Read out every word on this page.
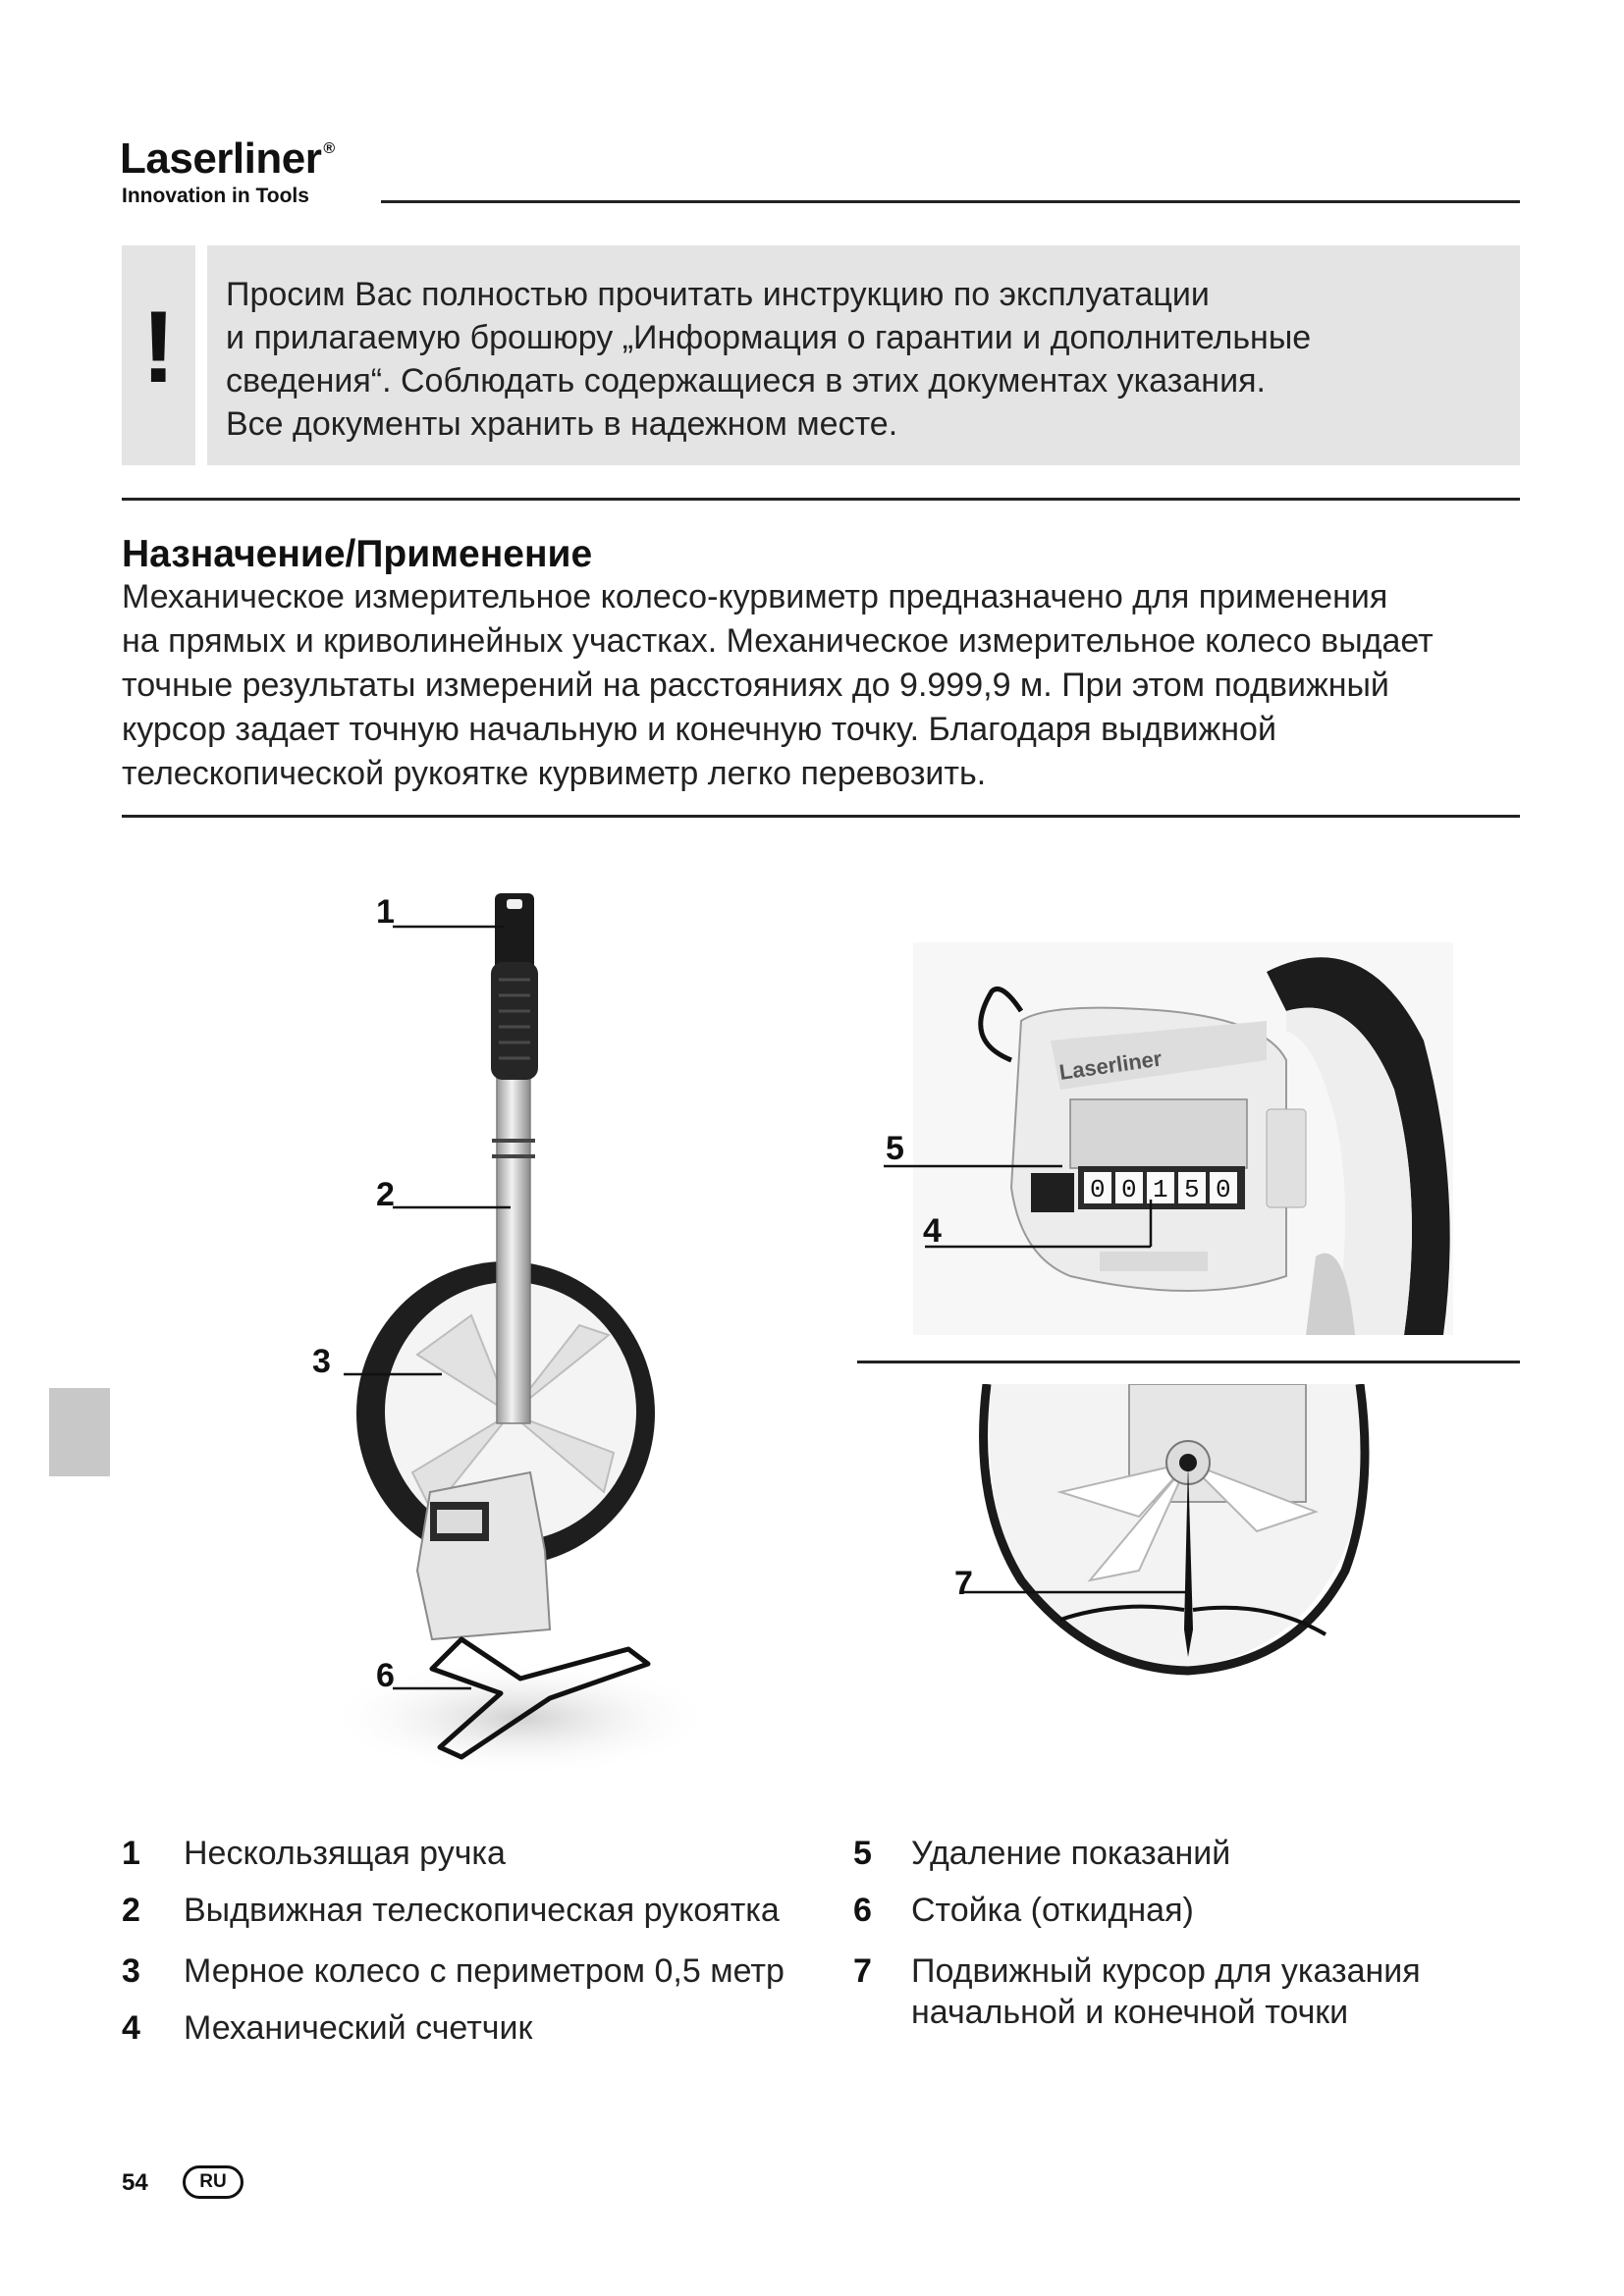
Laserliner ®
Innovation in Tools
!	Просим Вас полностью прочитать инструкцию по эксплуатации

и прилагаемую брошюру „Информация о гарантии и дополнительные

сведения“. Соблюдать содержащиеся в этих документах указания.

Все документы хранить в надежном месте.

Назначение/Применение

Механическое измерительное колесо-курвиметр предназначено для применения

на прямых и криволинейных участках. Механическое измерительное колесо выдает

точные результаты измерений на расстояниях до 9.999,9 м. При этом подвижный

курсор задает точную начальную и конечную точку. Благодаря выдвижной

телескопической рукоятке курвиметр легко перевозить.

1
2
3
6
Laserliner
0 0 1 5 0
5
4
7
1 Нескользящая ручка
2 Выдвижная телескопическая рукоятка
3 Мерное колесо с периметром 0,5 метр
4 Механический счетчик
5 Удаление показаний
6 Стойка (откидная)
7 Подвижный курсор для указания
начальной и конечной точки
54	RU
